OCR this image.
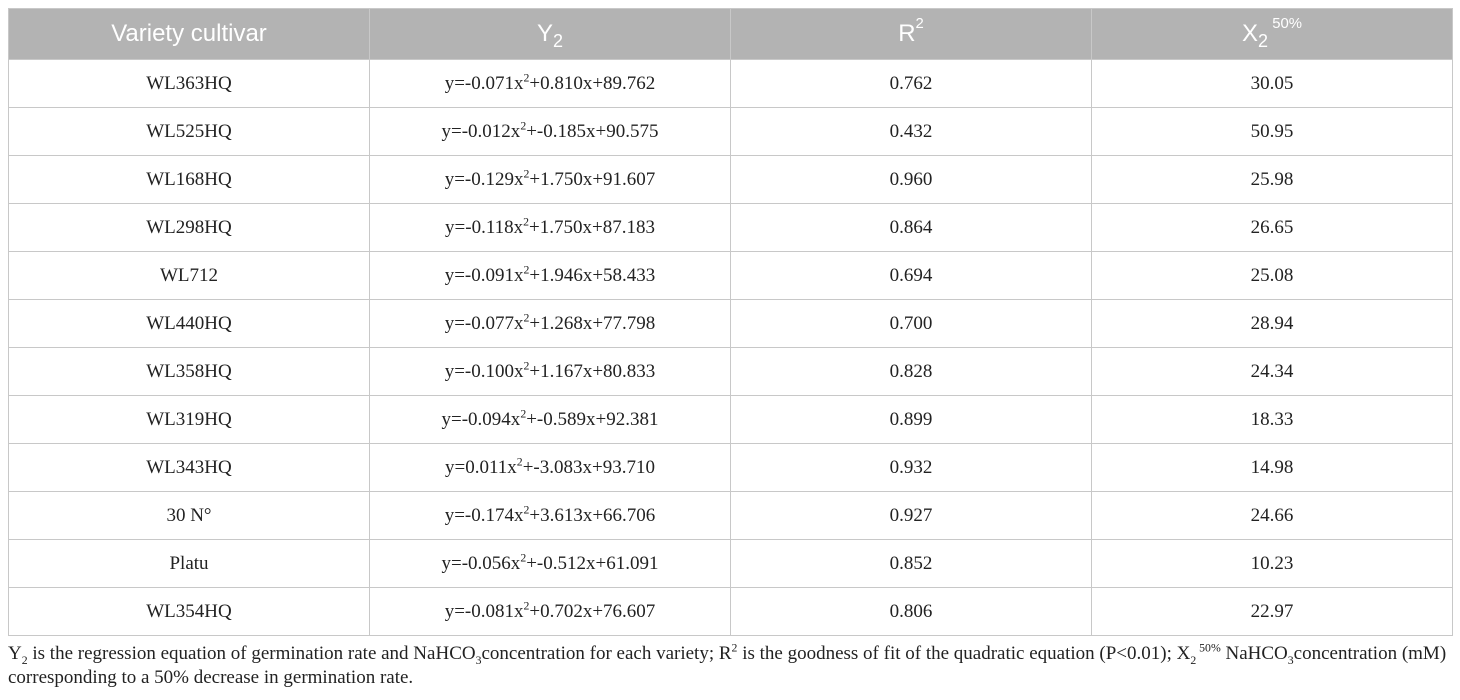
Variety cultivar	$Y_2$	$R^2$	$X_2$ $^{50\%}$
WL363HQ	$y=-0.071x^2+0.810x+89.762$	0.762	30.05
WL525HQ	$y=-0.012x^2+-0.185x+90.575$	0.432	50.95
WL168HQ	$y=-0.129x^2+1.750x+91.607$	0.960	25.98
WL298HQ	$y=-0.118x^2+1.750x+87.183$	0.864	26.65
WL712	$y=-0.091x^2+1.946x+58.433$	0.694	25.08
WL440HQ	$y=-0.077x^2+1.268x+77.798$	0.700	28.94
WL358HQ	$y=-0.100x^2+1.167x+80.833$	0.828	24.34
WL319HQ	$y=-0.094x^2+-0.589x+92.381$	0.899	18.33
WL343HQ	$y=0.011x^2+-3.083x+93.710$	0.932	14.98
30 N°	$y=-0.174x^2+3.613x+66.706$	0.927	24.66
Platu	$y=-0.056x^2+-0.512x+61.091$	0.852	10.23
WL354HQ	$y=-0.081x^2+0.702x+76.607$	0.806	22.97
$Y_2$ is the regression equation of germination rate and NaHCO$_3$concentration for each variety; $R^2$ is the goodness of fit of the quadratic equation (P<0.01); $X_2$ $^{50\%}$ NaHCO$_3$concentration (mM) corresponding to a 50% decrease in germination rate.
